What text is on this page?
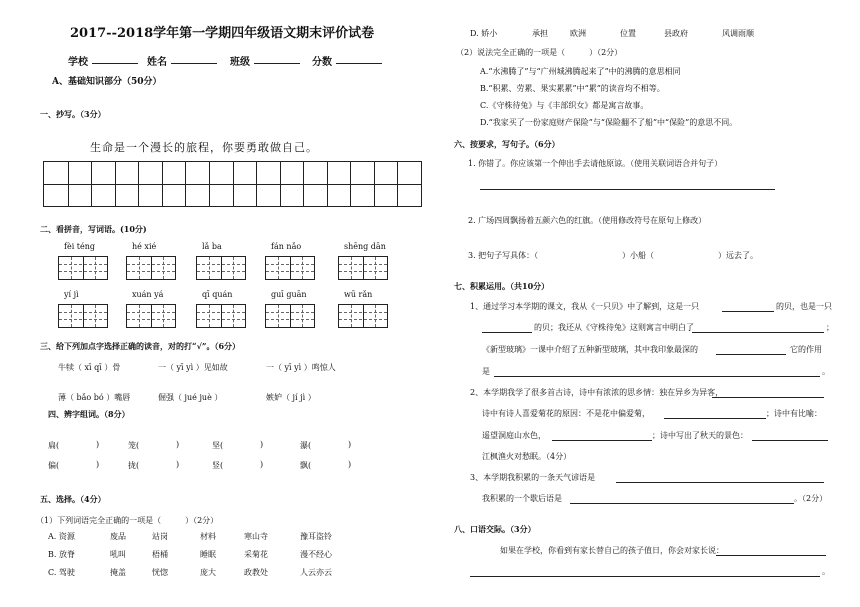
2017--2018学年第一学期四年级语文期末评价试卷
学校	姓名	班级	分数
A、基础知识部分（50分）
一、抄写。（3分）
生命是一个漫长的旅程，你要勇敢做自己。
二、看拼音，写词语。(10分)
fèi téng	hé xié	lǎ ba	fán nǎo	shēng dān
yí jì	xuán yá	qī quán	guī guān	wū rǎn
三、给下列加点字选择正确的读音，对的打“√”。（6分）
牛犊（ xī qī ）骨	一（ yī yì ）见如故	一（ yī yì ）鸣惊人
薄（ bǎo bó ）嘴唇	倔强（ jué juè ）	嫉妒（ jí jì ）
四、辨字组词。（8分）
扁(	)	笼(	)	坚(	)	瀑(	)
偏(	)	拢(	)	竖(	)	飘(	)
五、选择。（4分）
（1）下列词语完全正确的一项是（　　　）（2分）
A. 资源	废品	站岗	材料	寒山寺	豫耳盗铃
B. 放脊	吼叫	梧桶	睡眠	采菊花	漫不经心
C. 驾驶	掩盖	恍惚	庞大	政教处	人云亦云
D. 娇小	承担	欧洲	位置	县政府	风调雨顺
（2）说法完全正确的一项是（　　　）（2分）
A.“水沸腾了”与“广州城沸腾起来了”中的沸腾的意思相同
B.“积累、劳累、果实累累”中“累”的读音均不相等。
C.《守株待兔》与《丰部织女》都是寓言故事。
D.“我家买了一份家庭财产保险”与“保险翻不了船”中“保险”的意思不同。
六、按要求，写句子。（6分）
1. 你错了。你应该第一个伸出手去请他原谅。（使用关联词语合并句子）
2. 广场四周飘扬着五颜六色的红旗。（使用修改符号在原句上修改）
3. 把句子写具体：（	）小船（	）远去了。
七、积累运用。（共10分）
1、通过学习本学期的课文，我从《一只贝》中了解到，这是一只	的贝，也是一只
的贝；我还从《守株待兔》这则寓言中明白了	；
《新型玻璃》一课中介绍了五种新型玻璃，其中我印象最深的	它的作用
是	。
2、本学期我学了很多首古诗，诗中有浓浓的思乡情：独在异乡为异客，
诗中有诗人喜爱菊花的原因：不是花中偏爱菊，	；诗中有比喻：
遥望洞庭山水色，	；诗中写出了秋天的景色：
江枫渔火对愁眠。（4分）
3、本学期我积累的一条天气谚语是
我积累的一个歇后语是	。（2分）
八、口语交际。（3分）
如果在学校，你看到有家长替自己的孩子值日，你会对家长说：
。
